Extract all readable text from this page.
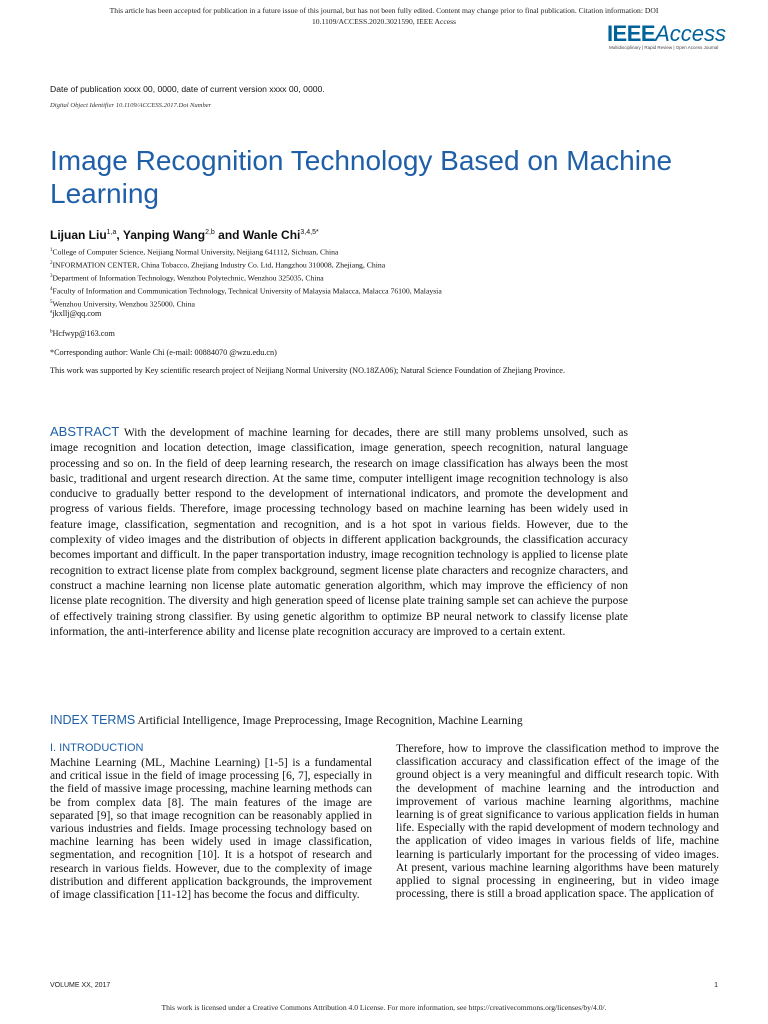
This article has been accepted for publication in a future issue of this journal, but has not been fully edited. Content may change prior to final publication. Citation information: DOI
10.1109/ACCESS.2020.3021590, IEEE Access	IEEEAccess
Multidisciplinary | Rapid Review | Open Access Journal
Date of publication xxxx 00, 0000, date of current version xxxx 00, 0000.
Digital Object Identifier 10.1109/ACCESS.2017.Doi Number
Image Recognition Technology Based on Machine Learning
Lijuan Liu$^{1,a}$, Yanping Wang$^{2,b}$ and Wanle Chi$^{3,4,5*}$
$^1$College of Computer Science, Neijiang Normal University, Neijiang 641112, Sichuan, China
$^2$INFORMATION CENTER, China Tobacco, Zhejiang Industry Co. Ltd, Hangzhou 310008, Zhejiang, China
$^3$Department of Information Technology, Wenzhou Polytechnic, Wenzhou 325035, China
$^4$Faculty of Information and Communication Technology, Technical University of Malaysia Malacca, Malacca 76100, Malaysia
$^5$Wenzhou University, Wenzhou 325000, China
$^a$jkxllj@qq.com
$^b$Hcfwyp@163.com
*Corresponding author: Wanle Chi (e-mail: 00884070 @wzu.edu.cn)
This work was supported by Key scientific research project of Neijiang Normal University (NO.18ZA06); Natural Science Foundation of Zhejiang Province.

ABSTRACT With the development of machine learning for decades, there are still many problems unsolved, such as image recognition and location detection, image classification, image generation, speech recognition, natural language processing and so on. In the field of deep learning research, the research on image classification has always been the most basic, traditional and urgent research direction. At the same time, computer intelligent image recognition technology is also conducive to gradually better respond to the development of international indicators, and promote the development and progress of various fields. Therefore, image processing technology based on machine learning has been widely used in feature image, classification, segmentation and recognition, and is a hot spot in various fields. However, due to the complexity of video images and the distribution of objects in different application backgrounds, the classification accuracy becomes important and difficult. In the paper transportation industry, image recognition technology is applied to license plate recognition to extract license plate from complex background, segment license plate characters and recognize characters, and construct a machine learning non license plate automatic generation algorithm, which may improve the efficiency of non license plate recognition. The diversity and high generation speed of license plate training sample set can achieve the purpose of effectively training strong classifier. By using genetic algorithm to optimize BP neural network to classify license plate information, the anti-interference ability and license plate recognition accuracy are improved to a certain extent.

INDEX TERMS Artificial Intelligence, Image Preprocessing, Image Recognition, Machine Learning
I. INTRODUCTION

Machine Learning (ML, Machine Learning) [1-5] is a fundamental and critical issue in the field of image processing [6, 7], especially in the field of massive image processing, machine learning methods can be from complex data [8]. The main features of the image are separated [9], so that image recognition can be reasonably applied in various industries and fields. Image processing technology based on machine learning has been widely used in image classification, segmentation, and recognition [10]. It is a hotspot of research and research in various fields. However, due to the complexity of image distribution and different application backgrounds, the improvement of image classification [11-12] has become the focus and difficulty.

Therefore, how to improve the classification method to improve the classification accuracy and classification effect of the image of the ground object is a very meaningful and difficult research topic. With the development of machine learning and the introduction and improvement of various machine learning algorithms, machine learning is of great significance to various application fields in human life. Especially with the rapid development of modern technology and the application of video images in various fields of life, machine learning is particularly important for the processing of video images. At present, various machine learning algorithms have been maturely applied to signal processing in engineering, but in video image processing, there is still a broad application space. The application of

VOLUME XX, 2017	1
This work is licensed under a Creative Commons Attribution 4.0 License. For more information, see https://creativecommons.org/licenses/by/4.0/.
